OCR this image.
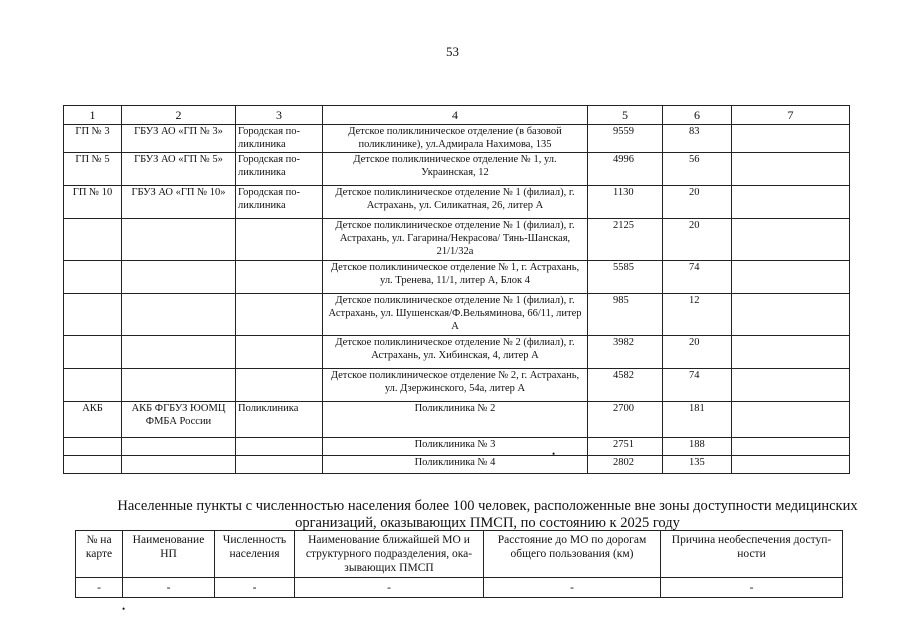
53
1	2	3	4	5	6	7
ГП № 3	ГБУЗ АО «ГП № 3»	Городская по-ликлиника	Детское поликлиническое отделение (в базовой поликлинике), ул.Адмирала Нахимова, 135	9559	83	
ГП № 5	ГБУЗ АО «ГП № 5»	Городская по-ликлиника	Детское поликлиническое отделение № 1, ул. Украинская, 12	4996	56	
ГП № 10	ГБУЗ АО «ГП № 10»	Городская по-ликлиника	Детское поликлиническое отделение № 1 (филиал), г. Астрахань, ул. Силикатная, 26, литер А	1130	20	
			Детское поликлиническое отделение № 1 (филиал), г. Астрахань, ул. Гагарина/Некрасова/ Тянь-Шанская, 21/1/32а	2125	20	
			Детское поликлиническое отделение № 1, г. Астрахань, ул. Тренева, 11/1, литер А, Блок 4	5585	74	
			Детское поликлиническое отделение № 1 (филиал), г. Астрахань, ул. Шушенская/Ф.Вельяминова, 66/11, литер А	985	12	
			Детское поликлиническое отделение № 2 (филиал), г. Астрахань, ул. Хибинская, 4, литер А	3982	20	
			Детское поликлиническое отделение № 2, г. Астрахань, ул. Дзержинского, 54а, литер А	4582	74	
АКБ	АКБ ФГБУЗ ЮОМЦ ФМБА России	Поликлиника	Поликлиника № 2	2700	181	
			Поликлиника № 3	2751	188	
			Поликлиника № 4	2802	135	
Населенные пункты с численностью населения более 100 человек, расположенные вне зоны доступности медицинских
организаций, оказывающих ПМСП, по состоянию к 2025 году
№ на карте	Наименование НП	Численность населения	Наименование ближайшей МО и структурного подразделения, ока-зывающих ПМСП	Расстояние до МО по дорогам общего пользования (км)	Причина необеспечения доступ-ности
-	-	-	-	-	-
•
•
